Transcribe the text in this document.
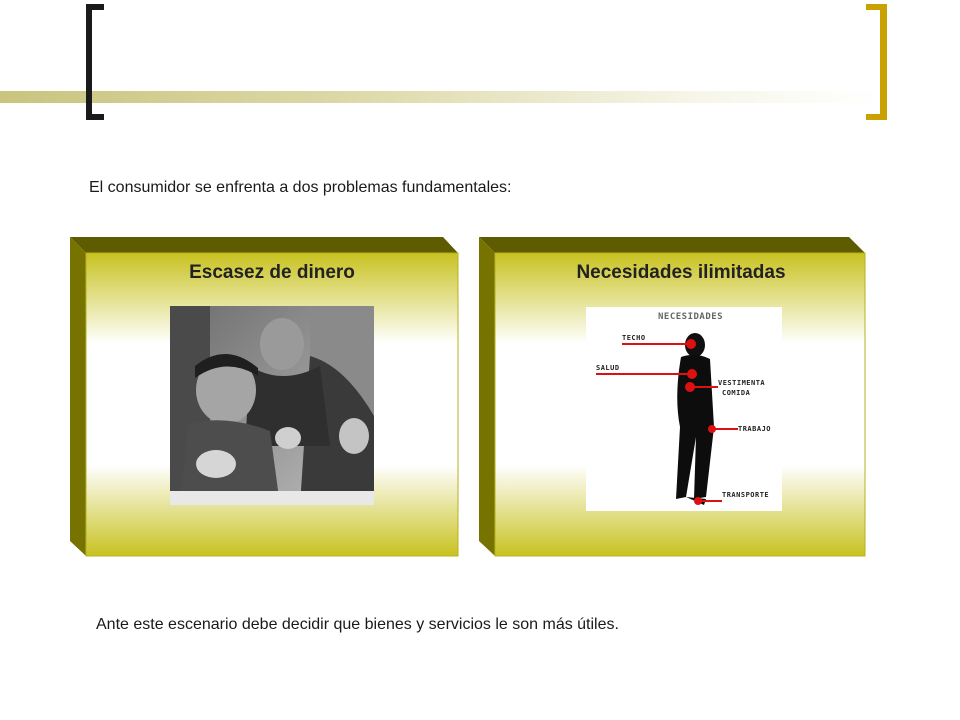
El consumidor se enfrenta a dos problemas fundamentales:
Escasez de dinero	Necesidades ilimitadas
NECESIDADES
TECHO
SALUD
VESTIMENTA
COMIDA
TRABAJO
TRANSPORTE
Ante este escenario debe decidir que bienes y servicios le son más útiles.
